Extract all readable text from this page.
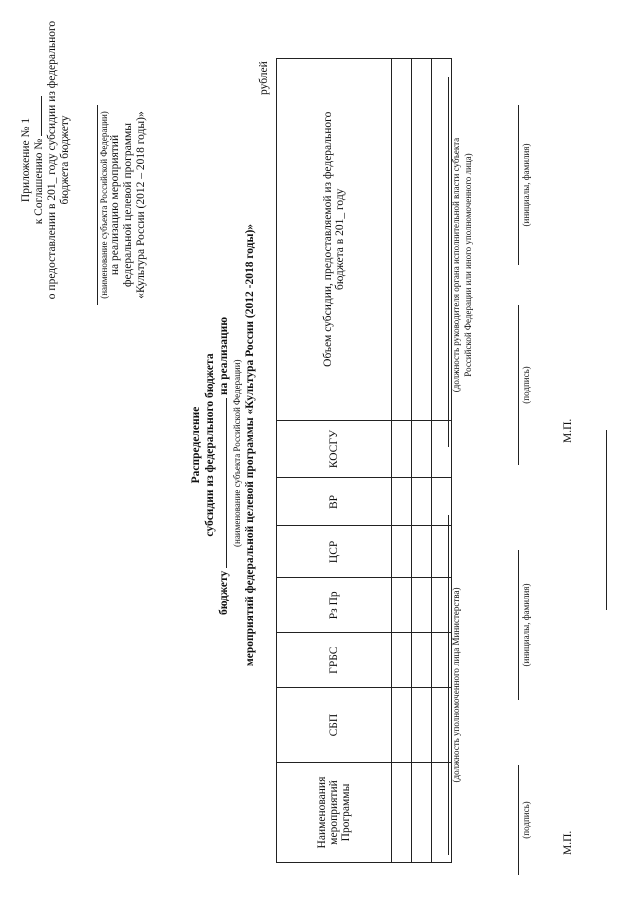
Приложение № 1 к Соглашению № о предоставлении в 201_ году субсидии из федерального бюджета бюджету	(наименование субъекта Российской Федерации) на реализацию мероприятий федеральной целевой программы «Культура России (2012 – 2018 годы)»
Распределение субсидии из федерального бюджета
бюджету  на реализацию
(наименование субъекта Российской Федерации) мероприятий федеральной целевой программы «Культура России (2012 -2018 годы)»
рублей
Наименования мероприятий Программы	СБП	ГРБС	Рз Пр	ЦСР	ВР	КОСГУ	Объем субсидии, предоставляемой из федерального бюджета в 201_ году

(должность уполномоченного лица Министерства)
(подпись)
(инициалы, фамилия)
М.П.
(должность руководителя органа исполнительной власти субъекта Российской Федерации или иного уполномоченного лица)
(подпись)
(инициалы, фамилия)
М.П.
